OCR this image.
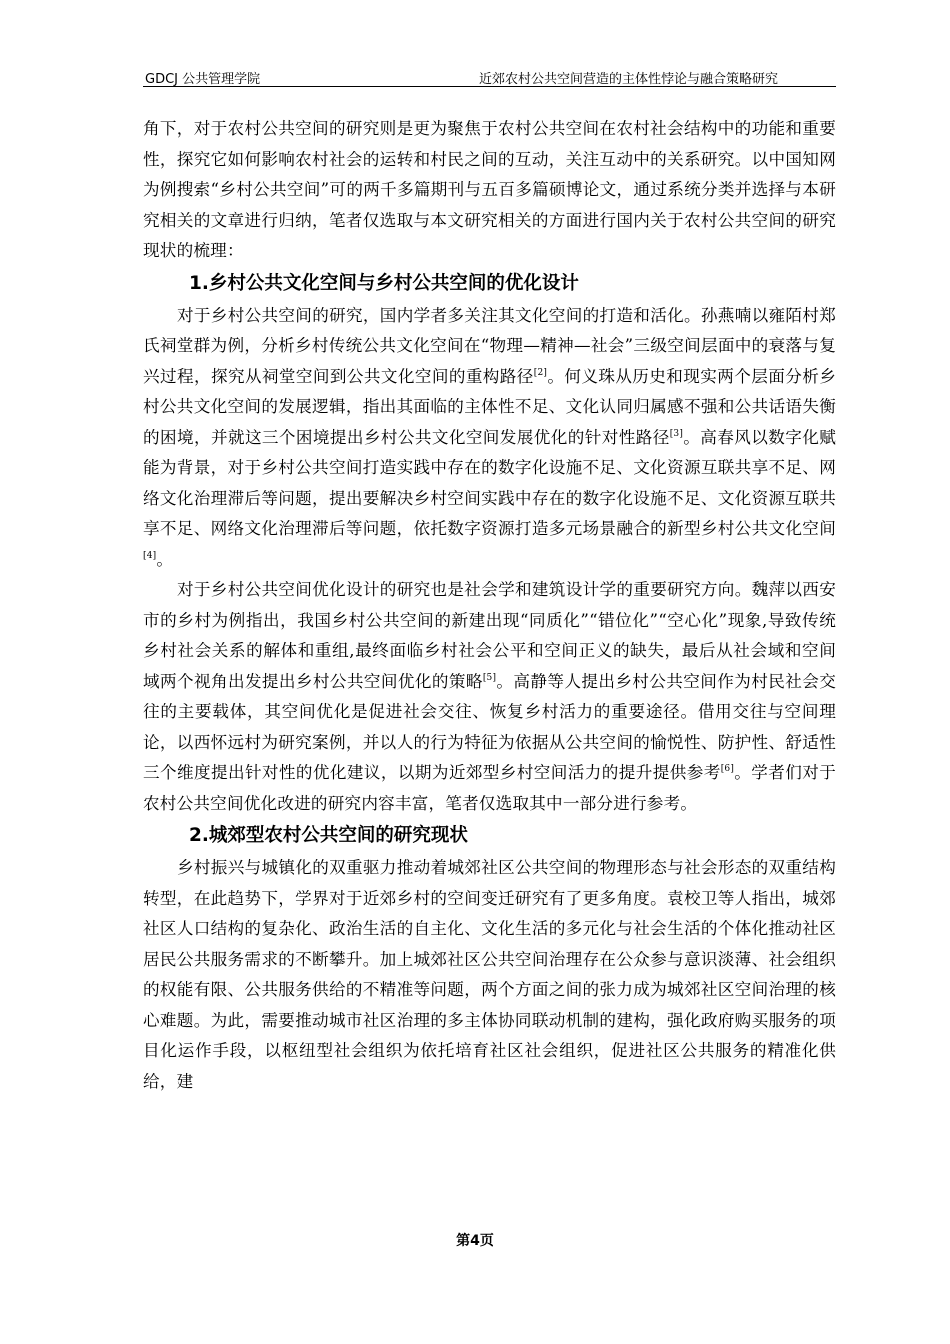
GDCJ 公共管理学院	近郊农村公共空间营造的主体性悖论与融合策略研究

角下，对于农村公共空间的研究则是更为聚焦于农村公共空间在农村社会结构中的功能和重要性，探究它如何影响农村社会的运转和村民之间的互动，关注互动中的关系研究。以中国知网为例搜索“乡村公共空间”可的两千多篇期刊与五百多篇硕博论文，通过系统分类并选择与本研究相关的文章进行归纳，笔者仅选取与本文研究相关的方面进行国内关于农村公共空间的研究现状的梳理：

1.乡村公共文化空间与乡村公共空间的优化设计

对于乡村公共空间的研究，国内学者多关注其文化空间的打造和活化。孙燕喃以雍陌村郑氏祠堂群为例，分析乡村传统公共文化空间在“物理—精神—社会”三级空间层面中的衰落与复兴过程，探究从祠堂空间到公共文化空间的重构路径[2]。何义珠从历史和现实两个层面分析乡村公共文化空间的发展逻辑，指出其面临的主体性不足、文化认同归属感不强和公共话语失衡的困境，并就这三个困境提出乡村公共文化空间发展优化的针对性路径[3]。高春风以数字化赋能为背景，对于乡村公共空间打造实践中存在的数字化设施不足、文化资源互联共享不足、网络文化治理滞后等问题，提出要解决乡村空间实践中存在的数字化设施不足、文化资源互联共享不足、网络文化治理滞后等问题，依托数字资源打造多元场景融合的新型乡村公共文化空间[4]。

对于乡村公共空间优化设计的研究也是社会学和建筑设计学的重要研究方向。魏萍以西安市的乡村为例指出，我国乡村公共空间的新建出现“同质化”“错位化”“空心化”现象,导致传统乡村社会关系的解体和重组,最终面临乡村社会公平和空间正义的缺失，最后从社会域和空间域两个视角出发提出乡村公共空间优化的策略[5]。高静等人提出乡村公共空间作为村民社会交往的主要载体，其空间优化是促进社会交往、恢复乡村活力的重要途径。借用交往与空间理论，以西怀远村为研究案例，并以人的行为特征为依据从公共空间的愉悦性、防护性、舒适性三个维度提出针对性的优化建议，以期为近郊型乡村空间活力的提升提供参考[6]。学者们对于农村公共空间优化改进的研究内容丰富，笔者仅选取其中一部分进行参考。

2.城郊型农村公共空间的研究现状

乡村振兴与城镇化的双重驱力推动着城郊社区公共空间的物理形态与社会形态的双重结构转型，在此趋势下，学界对于近郊乡村的空间变迁研究有了更多角度。袁校卫等人指出，城郊社区人口结构的复杂化、政治生活的自主化、文化生活的多元化与社会生活的个体化推动社区居民公共服务需求的不断攀升。加上城郊社区公共空间治理存在公众参与意识淡薄、社会组织的权能有限、公共服务供给的不精准等问题，两个方面之间的张力成为城郊社区空间治理的核心难题。为此，需要推动城市社区治理的多主体协同联动机制的建构，强化政府购买服务的项目化运作手段，以枢纽型社会组织为依托培育社区社会组织，促进社区公共服务的精准化供给，建

第4页
